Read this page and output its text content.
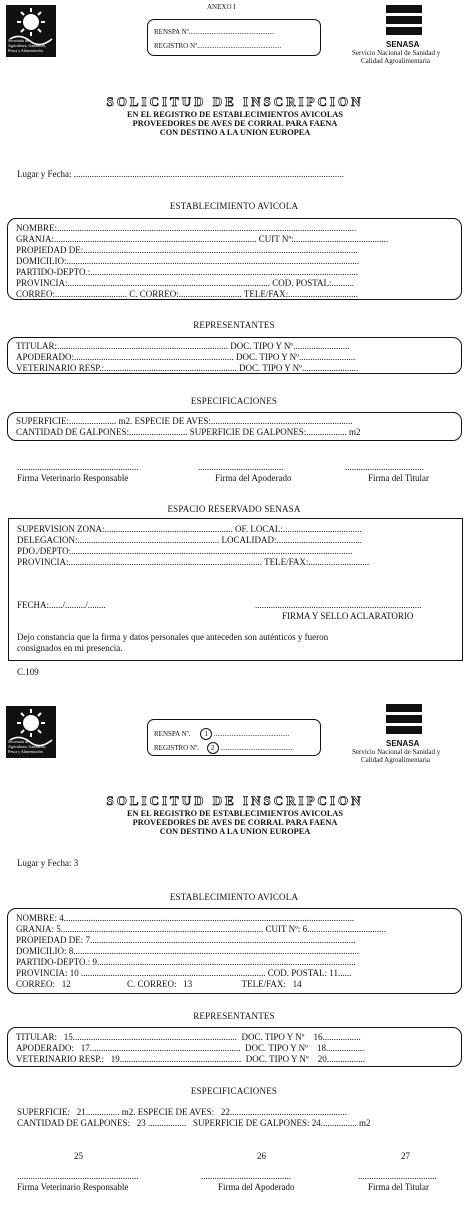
Secretaría de
Agricultura, Ganadería,
Pesca y Alimentación
ANEXO I
RENSPA Nº.................................................
REGISTRO Nº................................................	SENASA
Servicio Nacional de Sanidad y
Calidad Agroalimentaria
SOLICITUD DE INSCRIPCION
EN EL REGISTRO DE ESTABLECIMIENTOS AVICOLAS
PROVEEDORES DE AVES DE CORRAL PARA FAENA
CON DESTINO A LA UNION EUROPEA
Lugar y Fecha: ........................................................................................................................
ESTABLECIMIENTO AVICOLA
NOMBRE:.....................................................................................................................................
GRANJA:.......................................................................................... CUIT Nº:..........................................
PROPIEDAD DE:..........................................................................................................................
DOMICILIO:..................................................................................................................................
PARTIDO-DEPTO.:.......................................................................................................................
PROVINCIA:.......................................................................................... COD. POSTAL:..........
CORREO:................................ C. CORREO:............................ TELE/FAX:...............................
REPRESENTANTES
TITULAR:............................................................................ DOC. TIPO Y Nº.........................
APODERADO:....................................................................... DOC. TIPO Y Nº.........................
VETERINARIO RESP.:........................................................... DOC. TIPO Y Nº.........................
ESPECIFICACIONES
SUPERFICIE:..................... m2. ESPECIE DE AVES:...............................................................
CANTIDAD DE GALPONES:.......................... SUPERFICIE DE GALPONES:.................. m2
......................................................	......................................	...................................
Firma Veterinario Responsable	Firma del Apoderado	Firma del Titular
ESPACIO RESERVADO SENASA
SUPERVISION ZONA:......................................................... OF. LOCAL:...................................
DELEGACION:............................................................... LOCALIDAD:......................................
PDO./DEPTO:.............................................................................................................................
PROVINCIA:...................................................................................... TELE/FAX:...........................
FECHA:....../........./........	..........................................................................
FIRMA Y SELLO ACLARATORIO
Dejo constancia que la firma y datos personales que anteceden son auténticos y fueron
consignados en mi presencia.
C.109
Secretaría de
Agricultura, Ganadería,
Pesca y Alimentación
RENSPA Nº. 1 ...........................................
REGISTRO Nº. 2 ..........................................	SENASA
Servicio Nacional de Sanidad y
Calidad Agroalimentaria
SOLICITUD DE INSCRIPCION
EN EL REGISTRO DE ESTABLECIMIENTOS AVICOLAS
PROVEEDORES DE AVES DE CORRAL PARA FAENA
CON DESTINO A LA UNION EUROPEA
Lugar y Fecha: 3
ESTABLECIMIENTO AVICOLA
NOMBRE: 4.................................................................................................................................
GRANJA: 5.......................................................................................... CUIT Nº: 6...................................
PROPIEDAD DE: 7......................................................................................................................
DOMICILIO: 8...............................................................................................................................
PARTIDO-DEPTO.: 9...................................................................................................................
PROVINCIA: 10 .................................................................................. COD. POSTAL: 11......
CORREO:   12                         C. CORREO:   13                      TELE/FAX:   14
REPRESENTANTES
TITULAR:   15.........................................................................  DOC. TIPO Y Nº    16.................
APODERADO:   17...................................................................  DOC. TIPO Y Nº    18.................
VETERINARIO RESP.:   19......................................................  DOC. TIPO Y Nº    20.................
ESPECIFICACIONES
SUPERFICIE:   21............... m2. ESPECIE DE AVES:   22....................................................
CANTIDAD DE GALPONES:   23 .................   SUPERFICIE DE GALPONES: 24................ m2
25	26	27
......................................................	........................................	...................................
Firma Veterinario Responsable	Firma del Apoderado	Firma del Titular
